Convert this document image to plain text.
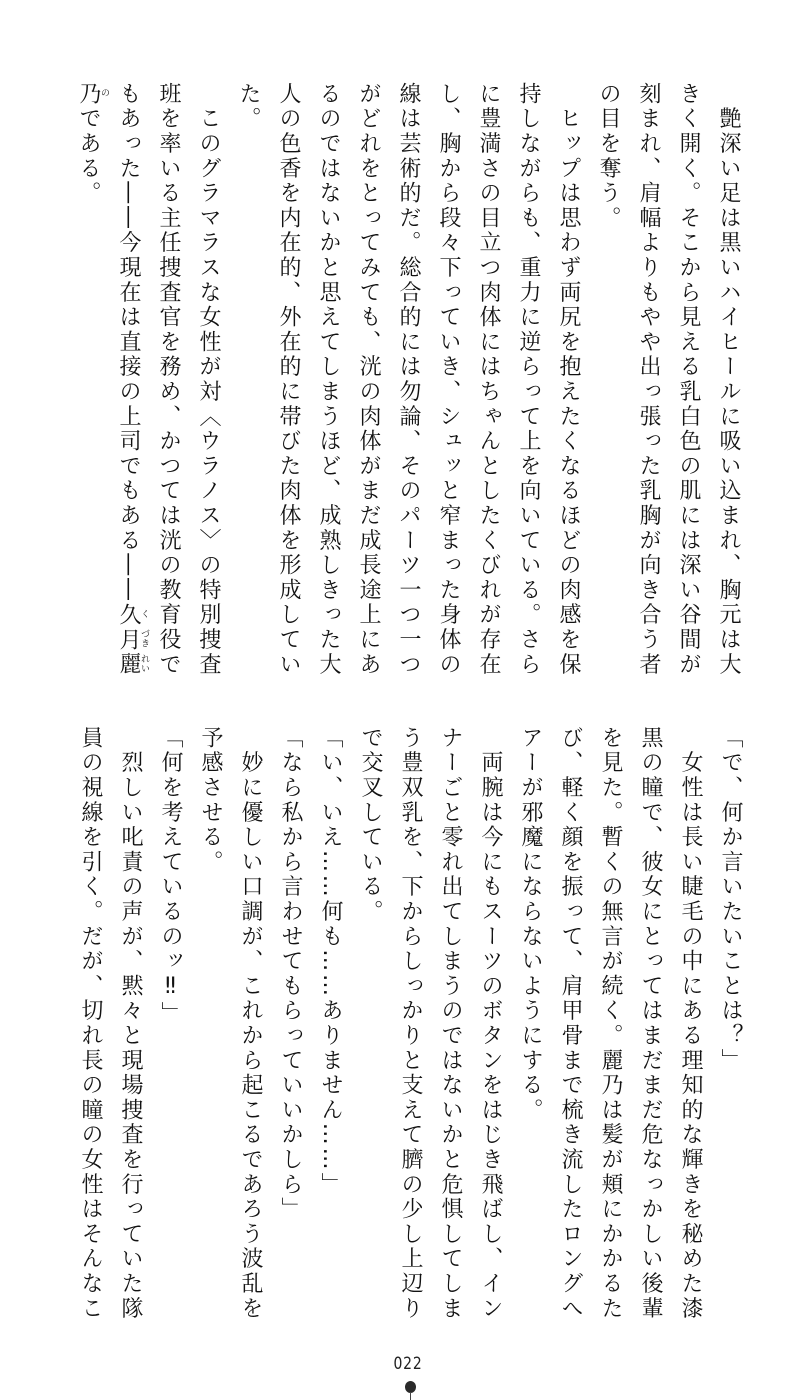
　艶深い足は黒いハイヒールに吸い込まれ、胸元は大
きく開く。そこから見える乳白色の肌には深い谷間が
刻まれ、肩幅よりもやや出っ張った乳胸が向き合う者
の目を奪う。
　ヒップは思わず両尻を抱えたくなるほどの肉感を保
持しながらも、重力に逆らって上を向いている。さら
に豊満さの目立つ肉体にはちゃんとしたくびれが存在
し、胸から段々下っていき、シュッと窄まった身体の
線は芸術的だ。総合的には勿論、そのパーツ一つ一つ
がどれをとってみても、洸の肉体がまだ成長途上にあ
るのではないかと思えてしまうほど、成熟しきった大
人の色香を内在的、外在的に帯びた肉体を形成してい
た。
　このグラマラスな女性が対〈ウラノス〉の特別捜査
班を率いる主任捜査官を務め、かつては洸の教育役で
もあった――今現在は直接の上司でもある――久
く
月
づき
麗
れい
乃
の
である。
「で、何か言いたいことは？」
　女性は長い睫毛の中にある理知的な輝きを秘めた漆
黒の瞳で、彼女にとってはまだまだ危なっかしい後輩
を見た。暫くの無言が続く。麗乃は髪が頬にかかるた
び、軽く顔を振って、肩甲骨まで梳き流したロングへ
アーが邪魔にならないようにする。
　両腕は今にもスーツのボタンをはじき飛ばし、イン
ナーごと零れ出てしまうのではないかと危惧してしま
う豊双乳を、下からしっかりと支えて臍の少し上辺り
で交叉している。
「い、いえ……何も……ありません……」
「なら私から言わせてもらっていいかしら」
　妙に優しい口調が、これから起こるであろう波乱を
予感させる。
「何を考えているのッ‼」
　烈しい叱責の声が、黙々と現場捜査を行っていた隊
員の視線を引く。だが、切れ長の瞳の女性はそんなこ
022
